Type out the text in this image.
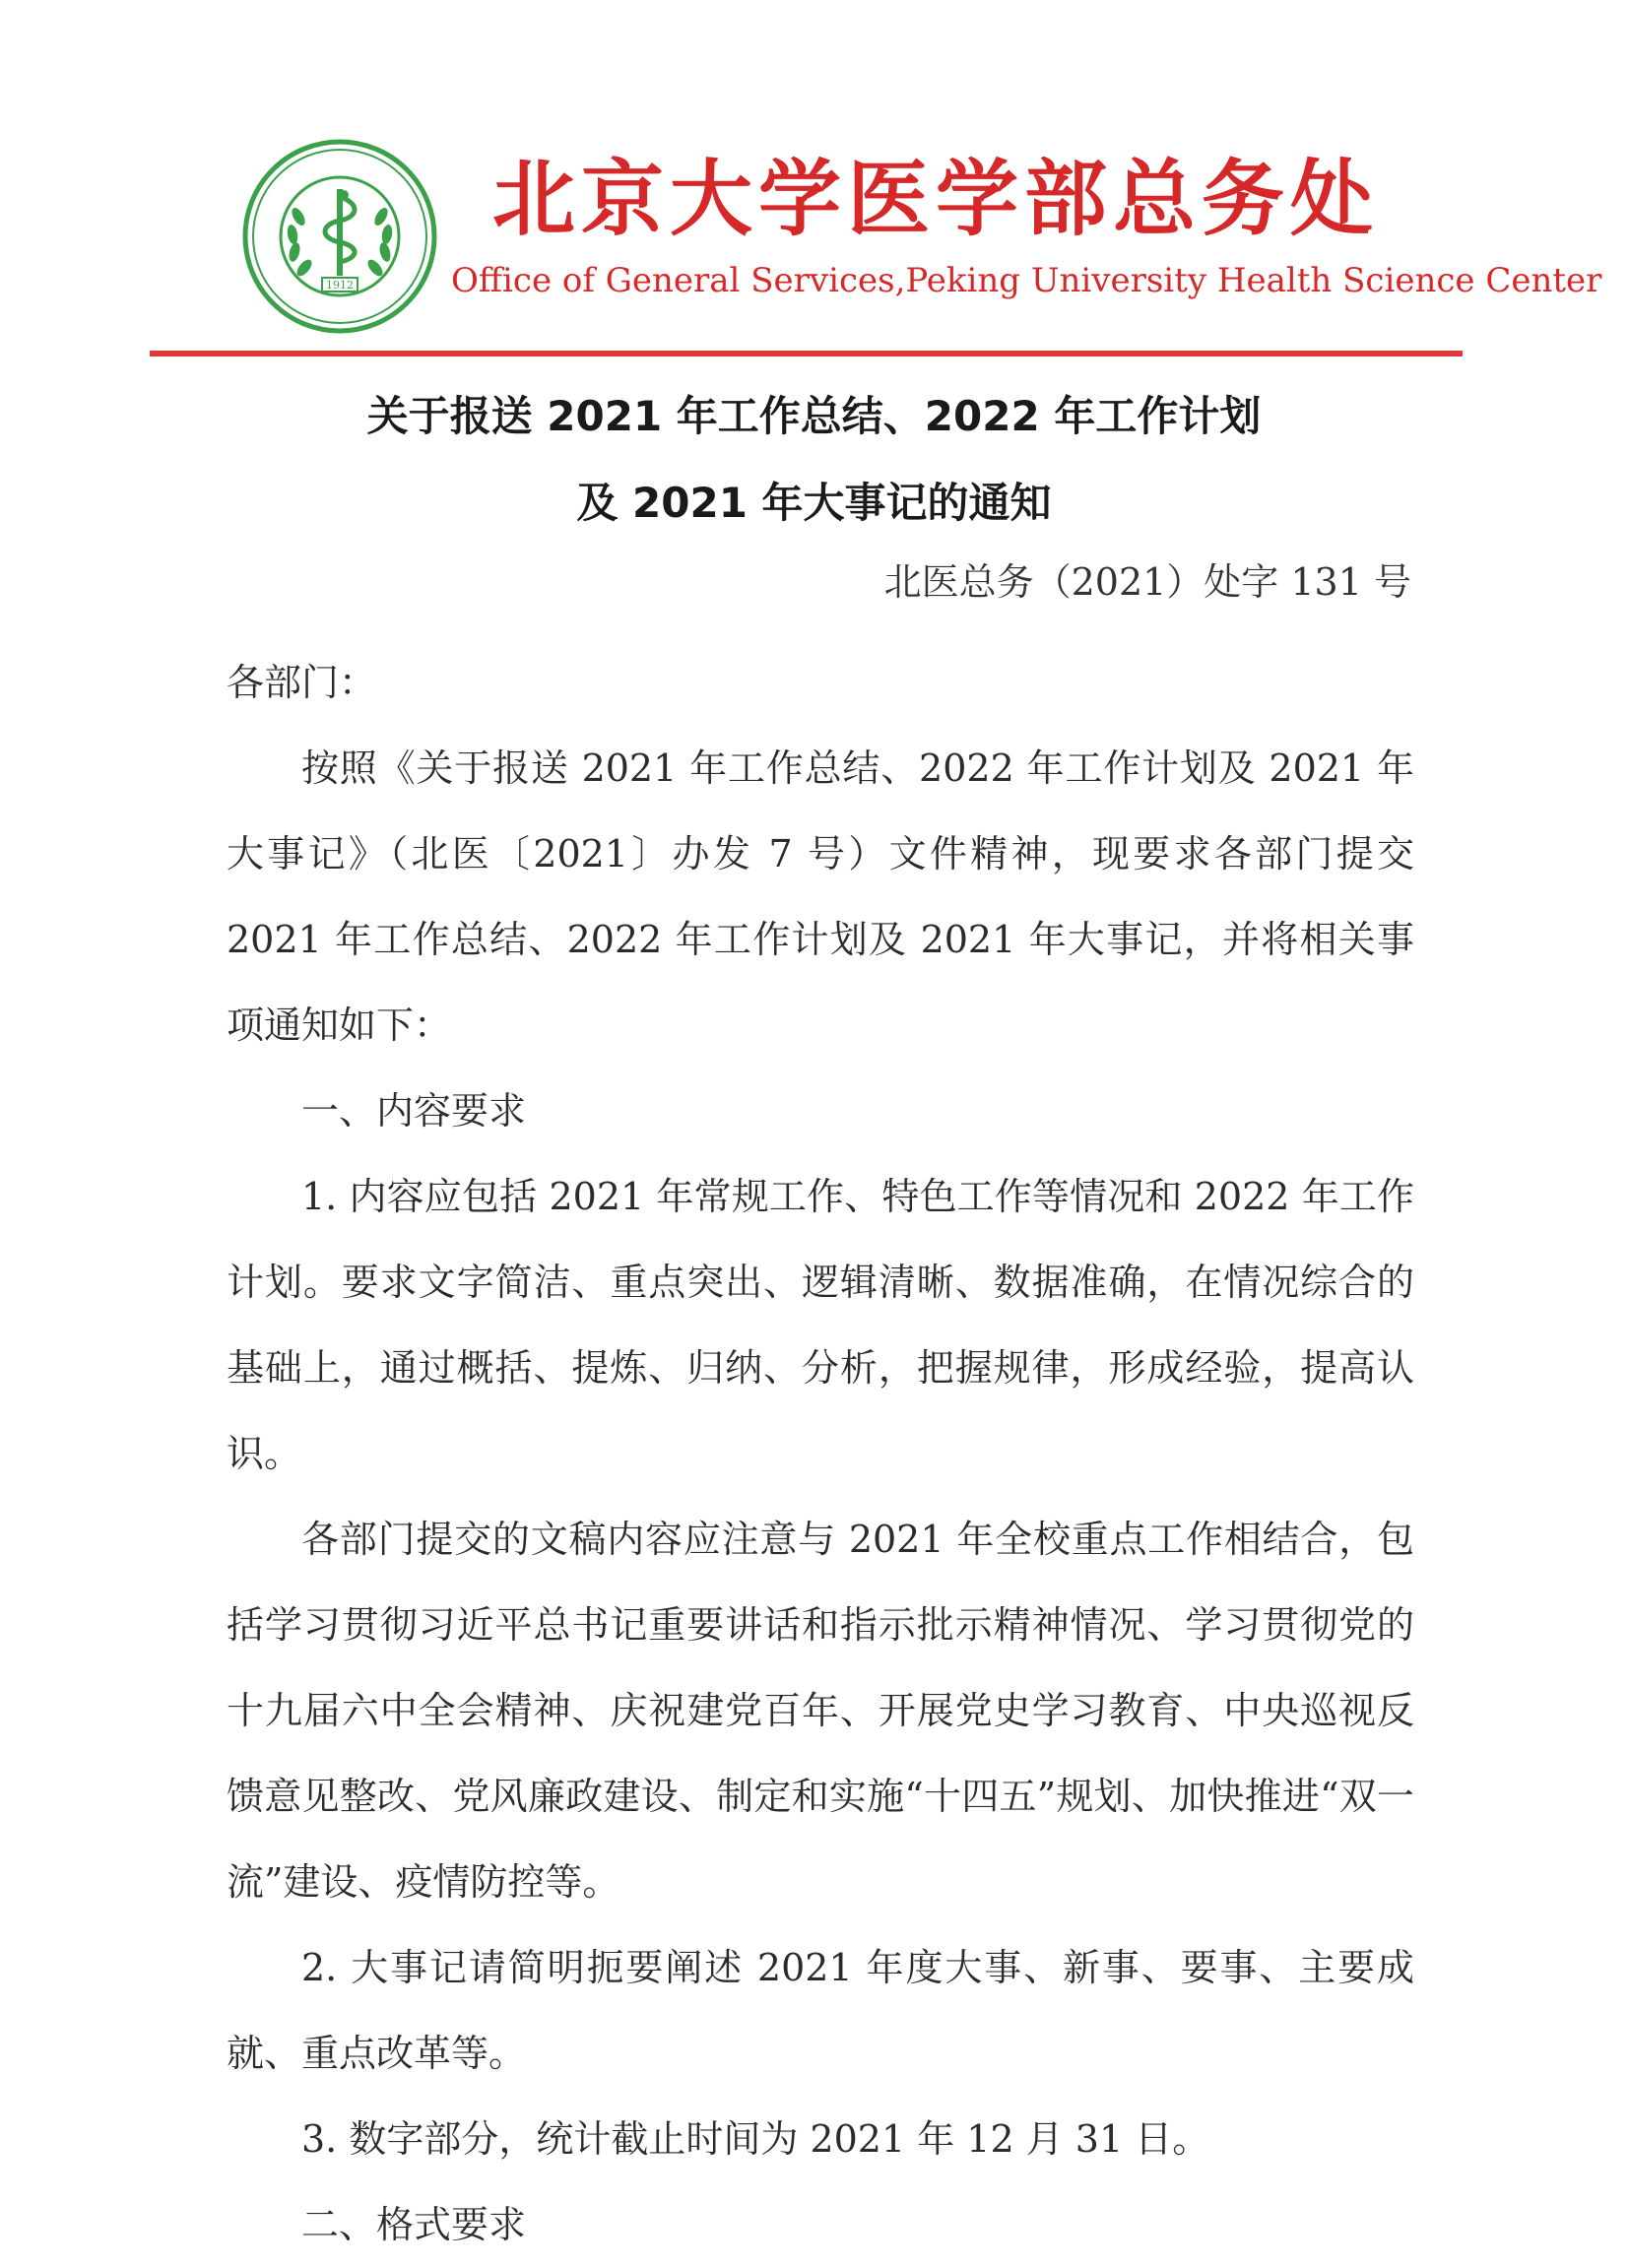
1912
北京大学医学部总务处
Office of General Services,Peking University Health Science Center
关于报送 2021 年工作总结、2022 年工作计划
及 2021 年大事记的通知
北医总务（2021）处字 131 号

各部门：

按照《关于报送 2021 年工作总结、2022 年工作计划及 2021 年大事记》（北医〔2021〕办发 7 号）文件精神，现要求各部门提交 2021 年工作总结、2022 年工作计划及 2021 年大事记，并将相关事项通知如下：

一、内容要求

1. 内容应包括 2021 年常规工作、特色工作等情况和 2022 年工作计划。要求文字简洁、重点突出、逻辑清晰、数据准确，在情况综合的基础上，通过概括、提炼、归纳、分析，把握规律，形成经验，提高认识。

各部门提交的文稿内容应注意与 2021 年全校重点工作相结合，包括学习贯彻习近平总书记重要讲话和指示批示精神情况、学习贯彻党的十九届六中全会精神、庆祝建党百年、开展党史学习教育、中央巡视反馈意见整改、党风廉政建设、制定和实施“十四五”规划、加快推进“双一流”建设、疫情防控等。

2. 大事记请简明扼要阐述 2021 年度大事、新事、要事、主要成就、重点改革等。

3. 数字部分，统计截止时间为 2021 年 12 月 31 日。

二、格式要求
